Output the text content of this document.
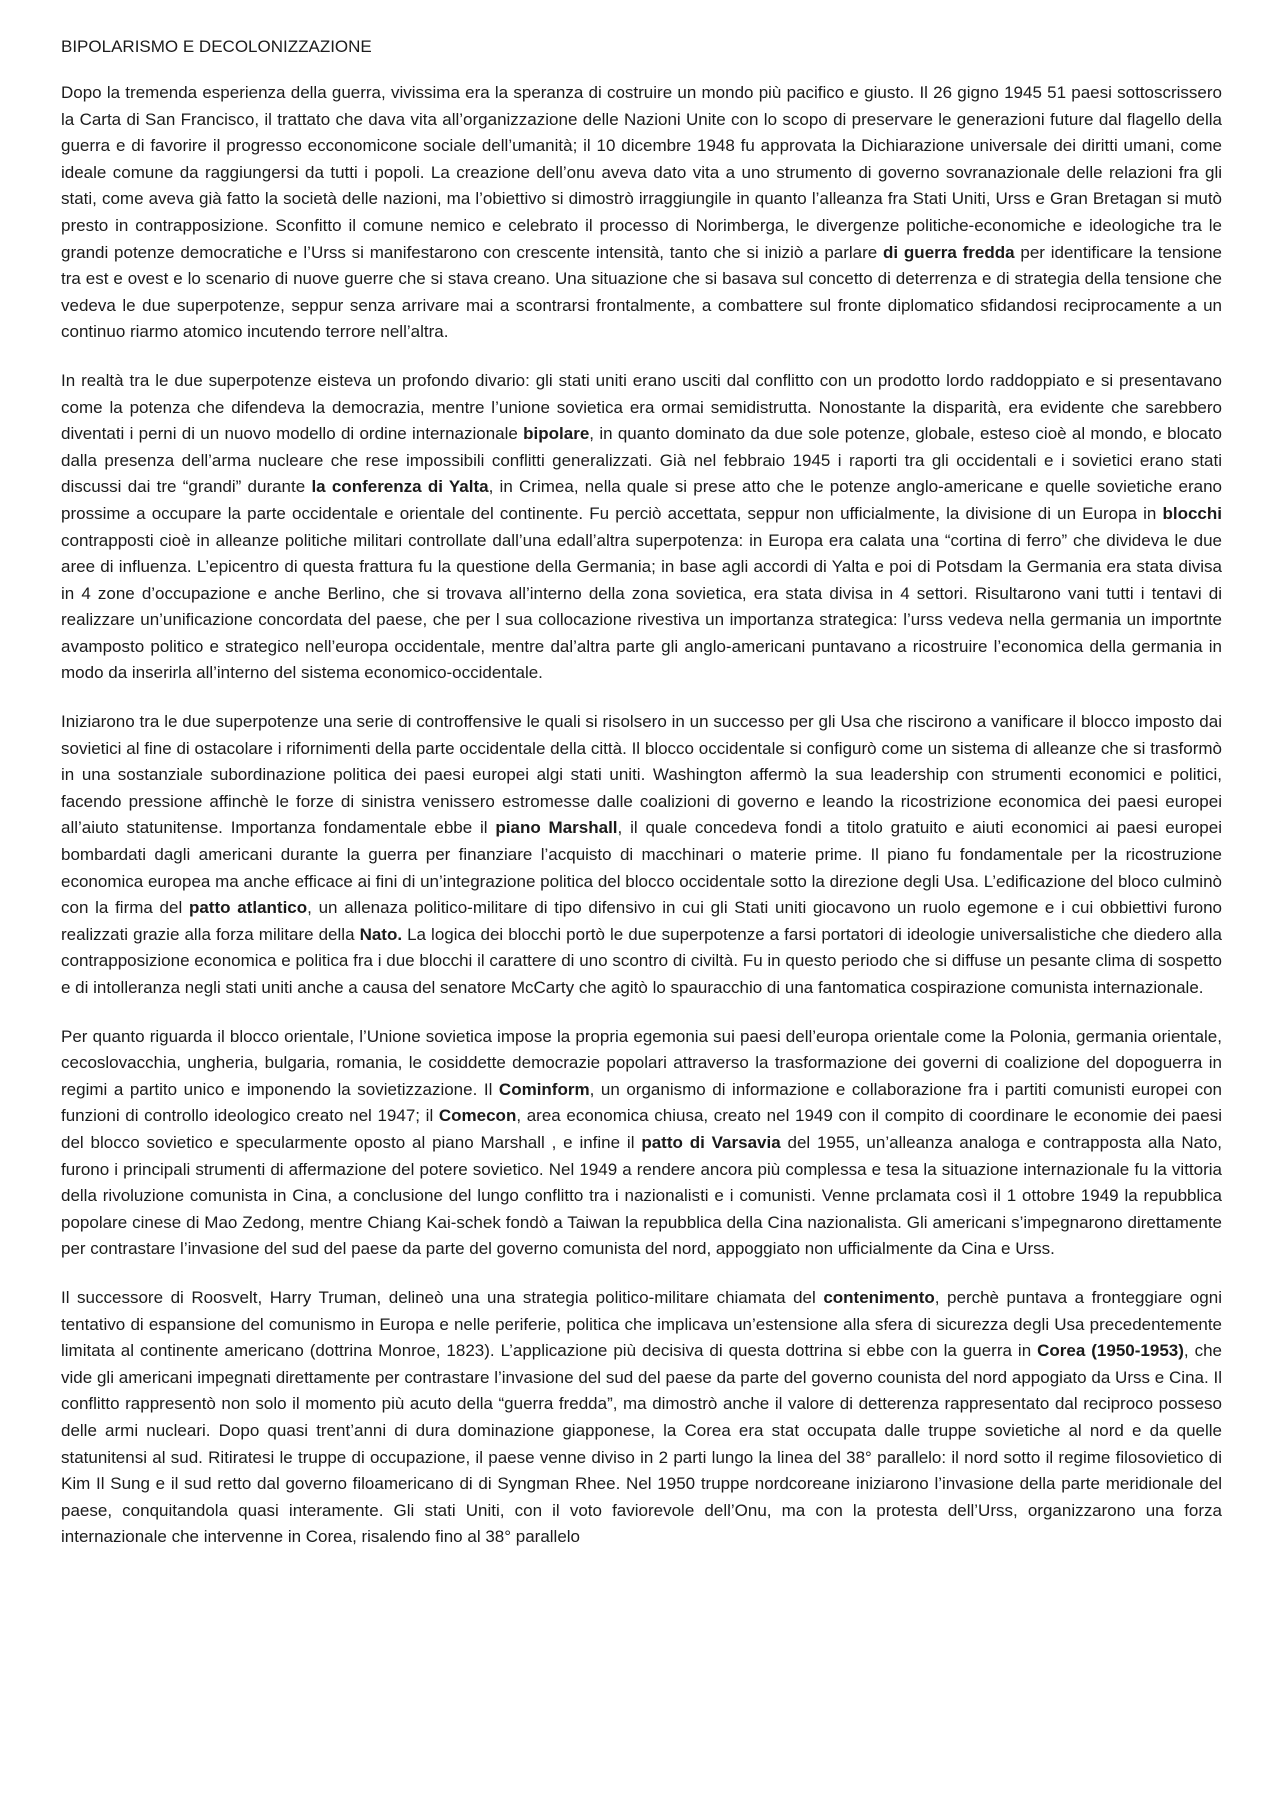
BIPOLARISMO E DECOLONIZZAZIONE

Dopo la tremenda esperienza della guerra, vivissima era la speranza di costruire un mondo più pacifico e giusto. Il 26 gigno 1945 51 paesi sottoscrissero la Carta di San Francisco, il trattato che dava vita all’organizzazione delle Nazioni Unite con lo scopo di preservare le generazioni future dal flagello della guerra e di favorire il progresso ecconomicone sociale dell’umanità; il 10 dicembre 1948 fu approvata la Dichiarazione universale dei diritti umani, come ideale comune da raggiungersi da tutti i popoli. La creazione dell’onu aveva dato vita a uno strumento di governo sovranazionale delle relazioni fra gli stati, come aveva già fatto la società delle nazioni, ma l’obiettivo si dimostrò irraggiungile in quanto l’alleanza fra Stati Uniti, Urss e Gran Bretagan si mutò presto in contrapposizione. Sconfitto il comune nemico e celebrato il processo di Norimberga, le divergenze politiche-economiche e ideologiche tra le grandi potenze democratiche e l’Urss si manifestarono con crescente intensità, tanto che si iniziò a parlare di guerra fredda per identificare la tensione tra est e ovest e lo scenario di nuove guerre che si stava creano. Una situazione che si basava sul concetto di deterrenza e di strategia della tensione che vedeva le due superpotenze, seppur senza arrivare mai a scontrarsi frontalmente, a combattere sul fronte diplomatico sfidandosi reciprocamente a un continuo riarmo atomico incutendo terrore nell’altra.

In realtà tra le due superpotenze eisteva un profondo divario: gli stati uniti erano usciti dal conflitto con un prodotto lordo raddoppiato e si presentavano come la potenza che difendeva la democrazia, mentre l’unione sovietica era ormai semidistrutta. Nonostante la disparità, era evidente che sarebbero diventati i perni di un nuovo modello di ordine internazionale bipolare, in quanto dominato da due sole potenze, globale, esteso cioè al mondo, e blocato dalla presenza dell’arma nucleare che rese impossibili conflitti generalizzati. Già nel febbraio 1945 i raporti tra gli occidentali e i sovietici erano stati discussi dai tre “grandi” durante la conferenza di Yalta, in Crimea, nella quale si prese atto che le potenze anglo-americane e quelle sovietiche erano prossime a occupare la parte occidentale e orientale del continente. Fu perciò accettata, seppur non ufficialmente, la divisione di un Europa in blocchi contrapposti cioè in alleanze politiche militari controllate dall’una edall’altra superpotenza: in Europa era calata una “cortina di ferro” che divideva le due aree di influenza. L’epicentro di questa frattura fu la questione della Germania; in base agli accordi di Yalta e poi di Potsdam la Germania era stata divisa in 4 zone d’occupazione e anche Berlino, che si trovava all’interno della zona sovietica, era stata divisa in 4 settori. Risultarono vani tutti i tentavi di realizzare un’unificazione concordata del paese, che per l sua collocazione rivestiva un importanza strategica: l’urss vedeva nella germania un importnte avamposto politico e strategico nell’europa occidentale, mentre dal’altra parte gli anglo-americani puntavano a ricostruire l’economica della germania in modo da inserirla all’interno del sistema economico-occidentale.

Iniziarono tra le due superpotenze una serie di controffensive le quali si risolsero in un successo per gli Usa che riscirono a vanificare il blocco imposto dai sovietici al fine di ostacolare i rifornimenti della parte occidentale della città. Il blocco occidentale si configurò come un sistema di alleanze che si trasformò in una sostanziale subordinazione politica dei paesi europei algi stati uniti. Washington affermò la sua leadership con strumenti economici e politici, facendo pressione affinchè le forze di sinistra venissero estromesse dalle coalizioni di governo e leando la ricostrizione economica dei paesi europei all’aiuto statunitense. Importanza fondamentale ebbe il piano Marshall, il quale concedeva fondi a titolo gratuito e aiuti economici ai paesi europei bombardati dagli americani durante la guerra per finanziare l’acquisto di macchinari o materie prime. Il piano fu fondamentale per la ricostruzione economica europea ma anche efficace ai fini di un’integrazione politica del blocco occidentale sotto la direzione degli Usa. L’edificazione del bloco culminò con la firma del patto atlantico, un allenaza politico-militare di tipo difensivo in cui gli Stati uniti giocavono un ruolo egemone e i cui obbiettivi furono realizzati grazie alla forza militare della Nato. La logica dei blocchi portò le due superpotenze a farsi portatori di ideologie universalistiche che diedero alla contrapposizione economica e politica fra i due blocchi il carattere di uno scontro di civiltà. Fu in questo periodo che si diffuse un pesante clima di sospetto e di intolleranza negli stati uniti anche a causa del senatore McCarty che agitò lo spauracchio di una fantomatica cospirazione comunista internazionale.

Per quanto riguarda il blocco orientale, l’Unione sovietica impose la propria egemonia sui paesi dell’europa orientale come la Polonia, germania orientale, cecoslovacchia, ungheria, bulgaria, romania, le cosiddette democrazie popolari attraverso la trasformazione dei governi di coalizione del dopoguerra in regimi a partito unico e imponendo la sovietizzazione. Il Cominform, un organismo di informazione e collaborazione fra i partiti comunisti europei con funzioni di controllo ideologico creato nel 1947; il Comecon, area economica chiusa, creato nel 1949 con il compito di coordinare le economie dei paesi del blocco sovietico e specularmente oposto al piano Marshall , e infine il patto di Varsavia del 1955, un’alleanza analoga e contrapposta alla Nato, furono i principali strumenti di affermazione del potere sovietico. Nel 1949 a rendere ancora più complessa e tesa la situazione internazionale fu la vittoria della rivoluzione comunista in Cina, a conclusione del lungo conflitto tra i nazionalisti e i comunisti. Venne prclamata così il 1 ottobre 1949 la repubblica popolare cinese di Mao Zedong, mentre Chiang Kai-schek fondò a Taiwan la repubblica della Cina nazionalista. Gli americani s’impegnarono direttamente per contrastare l’invasione del sud del paese da parte del governo comunista del nord, appoggiato non ufficialmente da Cina e Urss.

Il successore di Roosvelt, Harry Truman, delineò una una strategia politico-militare chiamata del contenimento, perchè puntava a fronteggiare ogni tentativo di espansione del comunismo in Europa e nelle periferie, politica che implicava un’estensione alla sfera di sicurezza degli Usa precedentemente limitata al continente americano (dottrina Monroe, 1823). L’applicazione più decisiva di questa dottrina si ebbe con la guerra in Corea (1950-1953), che vide gli americani impegnati direttamente per contrastare l’invasione del sud del paese da parte del governo counista del nord appogiato da Urss e Cina. Il conflitto rappresentò non solo il momento più acuto della “guerra fredda”, ma dimostrò anche il valore di detterenza rappresentato dal reciproco posseso delle armi nucleari. Dopo quasi trent’anni di dura dominazione giapponese, la Corea era stat occupata dalle truppe sovietiche al nord e da quelle statunitensi al sud. Ritiratesi le truppe di occupazione, il paese venne diviso in 2 parti lungo la linea del 38° parallelo: il nord sotto il regime filosovietico di Kim Il Sung e il sud retto dal governo filoamericano di di Syngman Rhee. Nel 1950 truppe nordcoreane iniziarono l’invasione della parte meridionale del paese, conquitandola quasi interamente. Gli stati Uniti, con il voto faviorevole dell’Onu, ma con la protesta dell’Urss, organizzarono una forza internazionale che intervenne in Corea, risalendo fino al 38° parallelo
